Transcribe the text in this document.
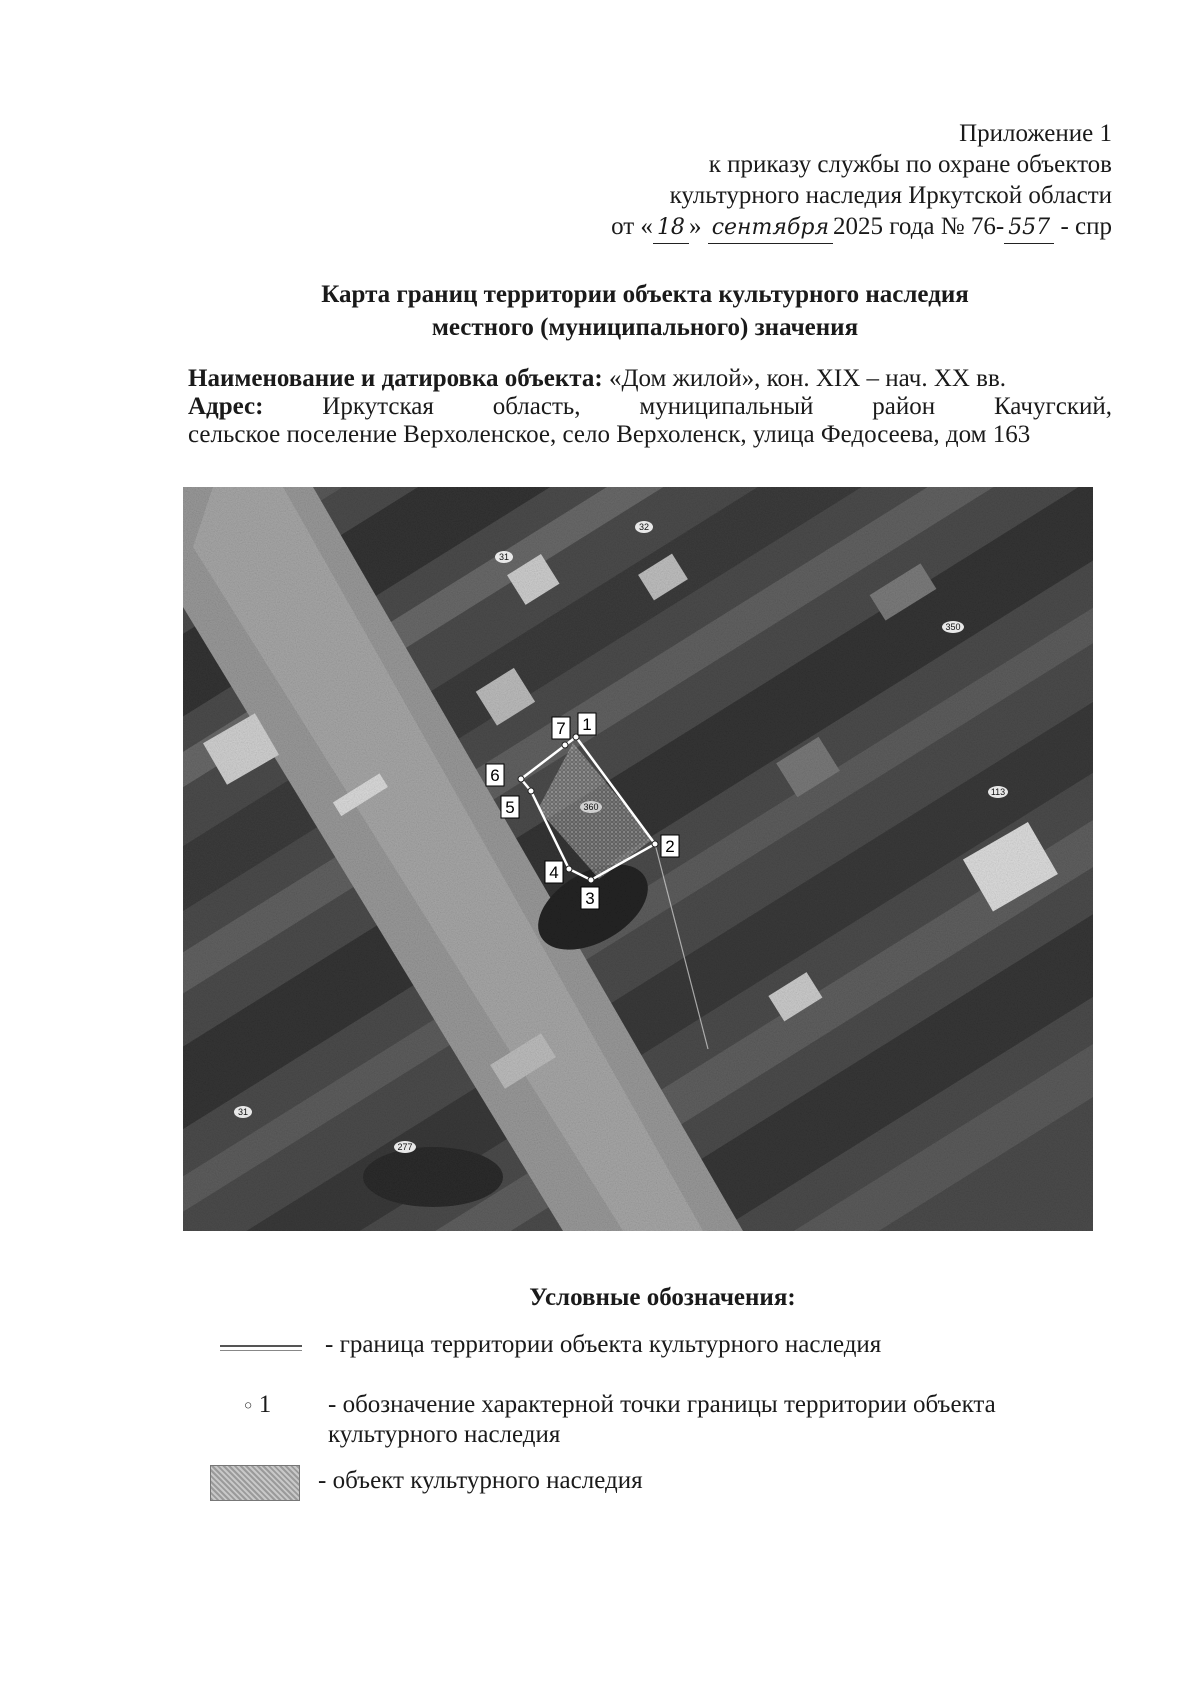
Приложение 1
к приказу службы по охране объектов
культурного наследия Иркутской области
от « 18 » сентября 2025 года № 76- 557 - спр
Карта границ территории объекта культурного наследия
местного (муниципального) значения
Наименование и датировка объекта: «Дом жилой», кон. XIX – нач. XX вв.
Адрес: Иркутская область, муниципальный район Качугский,
сельское поселение Верхоленское, село Верхоленск, улица Федосеева, дом 163
1
2
3
4
5
6
7
32
31
350
113
360
31
277
Условные обозначения:
- граница территории объекта культурного наследия
○ 1 - обозначение характерной точки границы территории объекта культурного наследия
- объект культурного наследия
